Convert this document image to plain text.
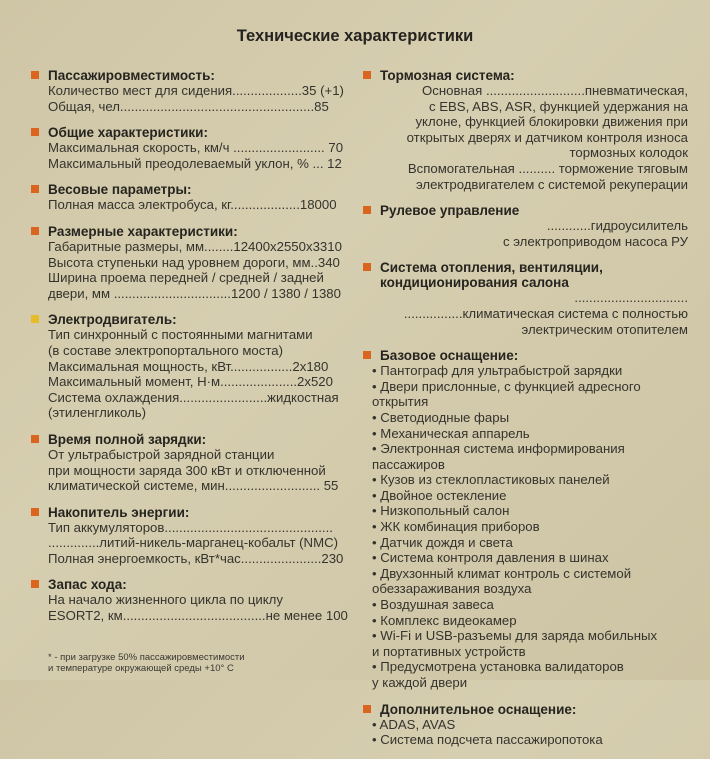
Технические характеристики
Пассажировместимость:
Количество мест для сидения...................35 (+1)
Общая, чел.....................................................85
Общие характеристики:
Максимальная скорость, км/ч ......................... 70
Максимальный преодолеваемый уклон, % ... 12
Весовые параметры:
Полная масса электробуса, кг...................18000
Размерные характеристики:
Габаритные размеры, мм........12400x2550x3310
Высота ступеньки над уровнем дороги, мм..340
Ширина проема передней / средней / задней
двери, мм ................................1200 / 1380 / 1380
Электродвигатель:
Тип синхронный с постоянными магнитами
(в составе электропортального моста)
Максимальная мощность, кВт.................2x180
Максимальный момент, Н·м.....................2x520
Система охлаждения........................жидкостная
(этиленгликоль)
Время полной зарядки:
От ультрабыстрой зарядной станции
при мощности заряда 300 кВт и отключенной
климатической системе, мин.......................... 55
Накопитель энергии:
Тип аккумуляторов..............................................
..............литий-никель-марганец-кобальт (NMC)
Полная энергоемкость, кВт*час......................230
Запас хода:
На начало жизненного цикла по циклу
ESORT2, км.......................................не менее 100
* - при загрузке 50% пассажировместимости
и температуре окружающей среды +10° С
Тормозная система:
Основная ...........................пневматическая,
с EBS, ABS, ASR, функцией удержания на
уклоне, функцией блокировки движения при
открытых дверях и датчиком контроля износа
тормозных колодок
Вспомогательная .......... торможение тяговым
электродвигателем с системой рекуперации
Рулевое управление
............гидроусилитель
с электроприводом насоса РУ
Система отопления, вентиляции,
кондиционирования салона
...............................
................климатическая система с полностью
электрическим отопителем
Базовое оснащение:
• Пантограф для ультрабыстрой зарядки
• Двери прислонные, с функцией адресного
открытия
• Светодиодные фары
• Механическая аппарель
• Электронная система информирования
пассажиров
• Кузов из стеклопластиковых панелей
• Двойное остекление
• Низкопольный салон
• ЖК комбинация приборов
• Датчик дождя и света
• Система контроля давления в шинах
• Двухзонный климат контроль с системой
обеззараживания воздуха
• Воздушная завеса
• Комплекс видеокамер
• Wi-Fi и USB-разъемы для заряда мобильных
и портативных устройств
• Предусмотрена установка валидаторов
у каждой двери
Дополнительное оснащение:
• ADAS, AVAS
• Система подсчета пассажиропотока
